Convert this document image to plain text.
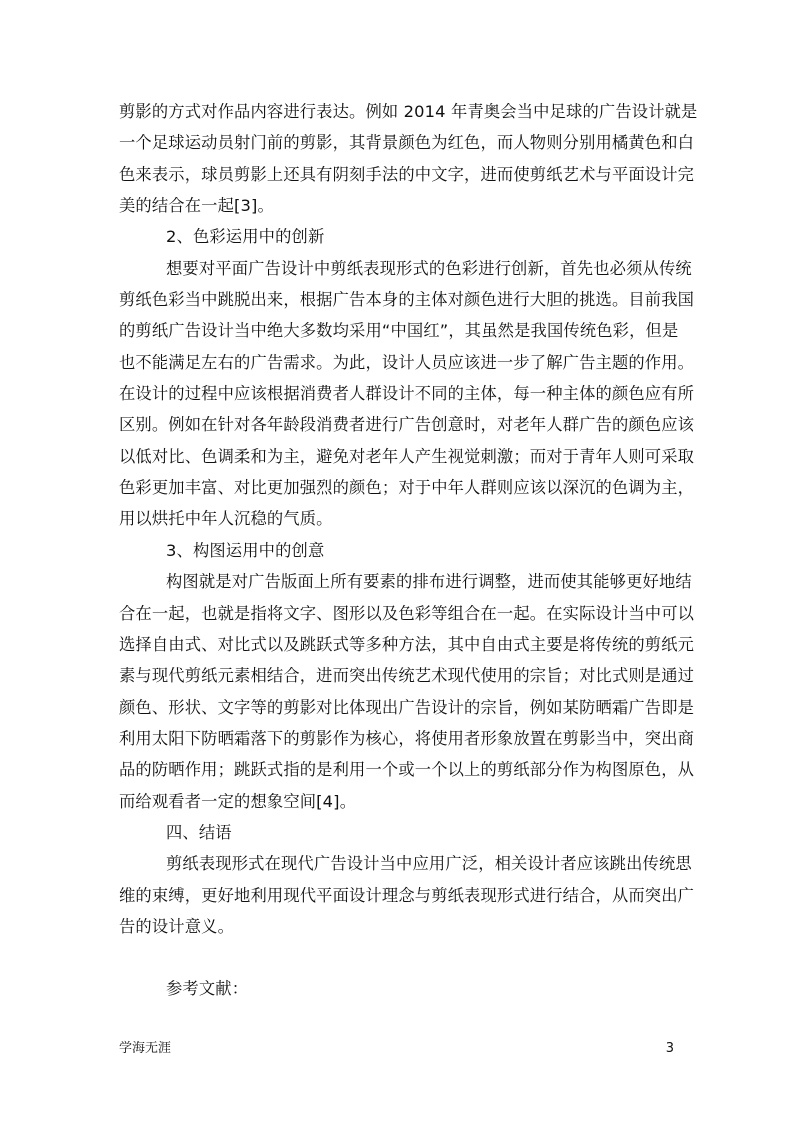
剪影的方式对作品内容进行表达。例如 2014 年青奥会当中足球的广告设计就是
一个足球运动员射门前的剪影，其背景颜色为红色，而人物则分别用橘黄色和白
色来表示，球员剪影上还具有阴刻手法的中文字，进而使剪纸艺术与平面设计完
美的结合在一起[3]。
2、色彩运用中的创新
想要对平面广告设计中剪纸表现形式的色彩进行创新，首先也必须从传统
剪纸色彩当中跳脱出来，根据广告本身的主体对颜色进行大胆的挑选。目前我国
的剪纸广告设计当中绝大多数均采用“中国红”，其虽然是我国传统色彩，但是
也不能满足左右的广告需求。为此，设计人员应该进一步了解广告主题的作用。
在设计的过程中应该根据消费者人群设计不同的主体，每一种主体的颜色应有所
区别。例如在针对各年龄段消费者进行广告创意时，对老年人群广告的颜色应该
以低对比、色调柔和为主，避免对老年人产生视觉刺激；而对于青年人则可采取
色彩更加丰富、对比更加强烈的颜色；对于中年人群则应该以深沉的色调为主，
用以烘托中年人沉稳的气质。
3、构图运用中的创意
构图就是对广告版面上所有要素的排布进行调整，进而使其能够更好地结
合在一起，也就是指将文字、图形以及色彩等组合在一起。在实际设计当中可以
选择自由式、对比式以及跳跃式等多种方法，其中自由式主要是将传统的剪纸元
素与现代剪纸元素相结合，进而突出传统艺术现代使用的宗旨；对比式则是通过
颜色、形状、文字等的剪影对比体现出广告设计的宗旨，例如某防晒霜广告即是
利用太阳下防晒霜落下的剪影作为核心，将使用者形象放置在剪影当中，突出商
品的防晒作用；跳跃式指的是利用一个或一个以上的剪纸部分作为构图原色，从
而给观看者一定的想象空间[4]。
四、结语
剪纸表现形式在现代广告设计当中应用广泛，相关设计者应该跳出传统思
维的束缚，更好地利用现代平面设计理念与剪纸表现形式进行结合，从而突出广
告的设计意义。
参考文献：
学海无涯	3
